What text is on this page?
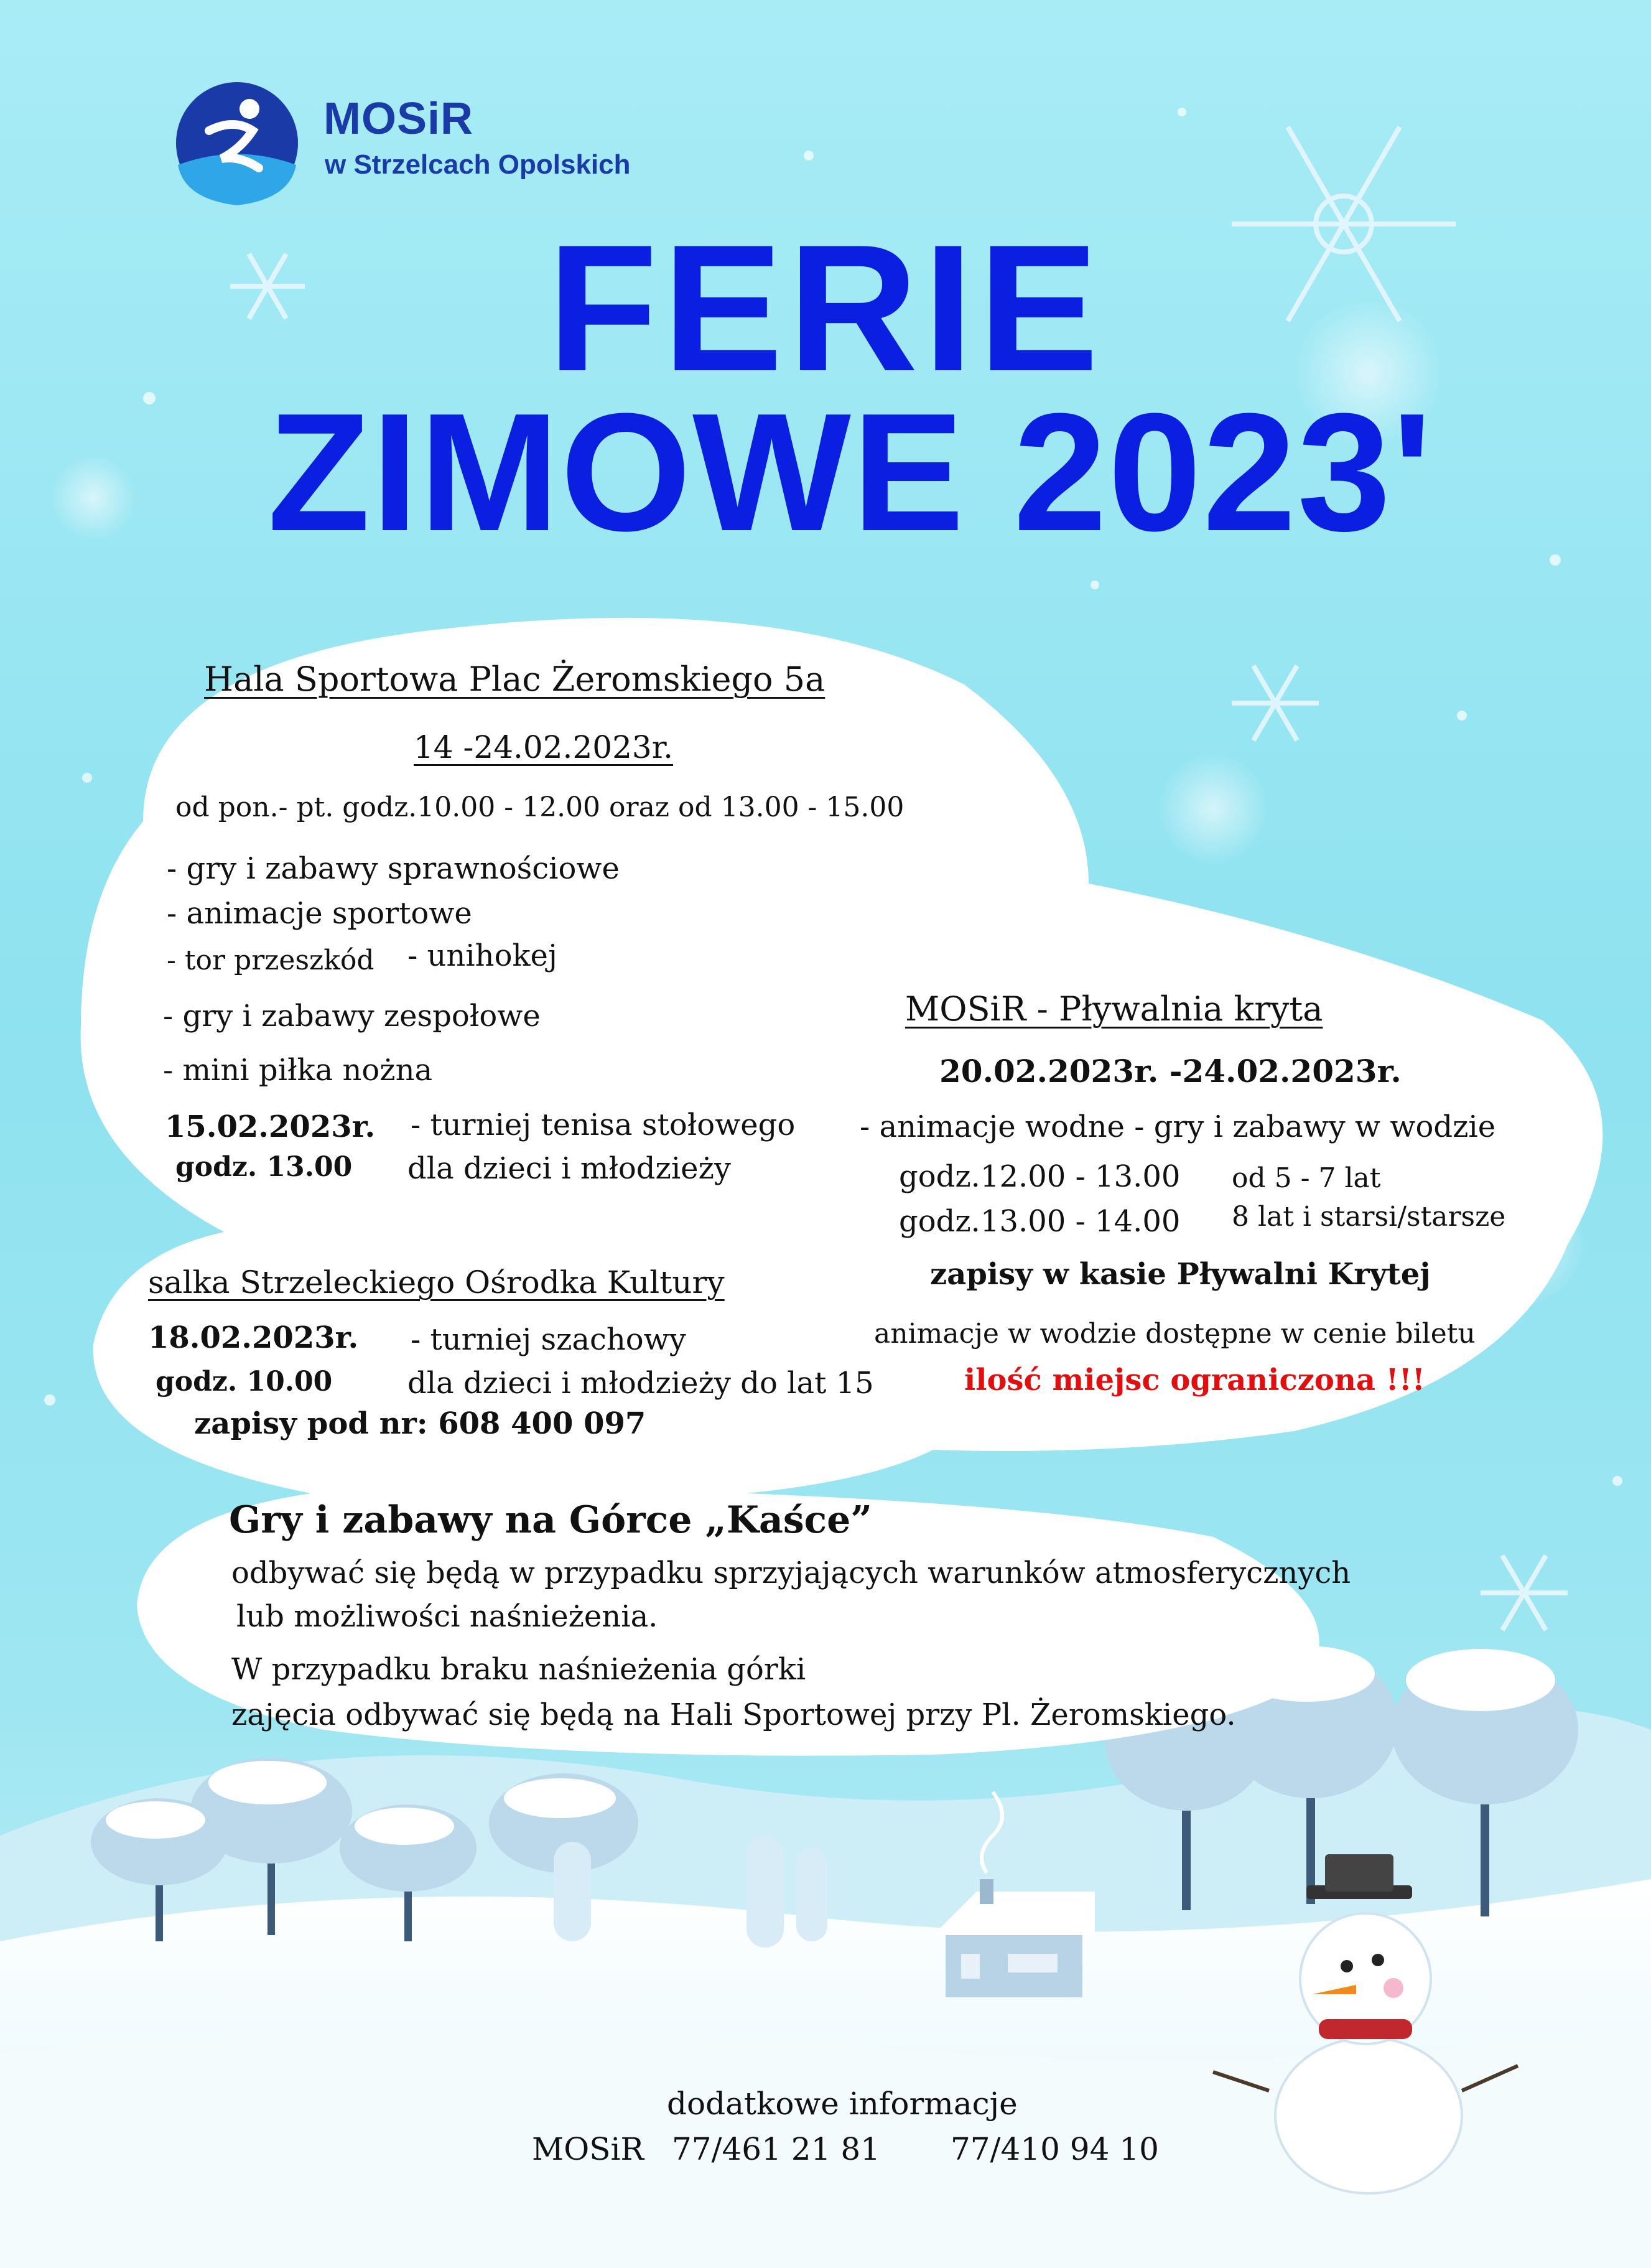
MOSiR
w Strzelcach Opolskich
FERIE
ZIMOWE 2023'
Hala Sportowa Plac Żeromskiego 5a
14 -24.02.2023r.
od pon.- pt. godz.10.00 - 12.00 oraz od 13.00 - 15.00
- gry i zabawy sprawnościowe
- animacje sportowe
- tor przeszkód - unihokej
- gry i zabawy zespołowe
- mini piłka nożna
15.02.2023r.
godz. 13.00
- turniej tenisa stołowego
dla dzieci i młodzieży
salka Strzeleckiego Ośrodka Kultury
18.02.2023r.
godz. 10.00
- turniej szachowy
dla dzieci i młodzieży do lat 15
zapisy pod nr: 608 400 097
MOSiR - Pływalnia kryta
20.02.2023r. -24.02.2023r.
- animacje wodne - gry i zabawy w wodzie
godz.12.00 - 13.00 od 5 - 7 lat
godz.13.00 - 14.00 8 lat i starsi/starsze
zapisy w kasie Pływalni Krytej
animacje w wodzie dostępne w cenie biletu
ilość miejsc ograniczona !!!
Gry i zabawy na Górce „Kaśce”
odbywać się będą w przypadku sprzyjających warunków atmosferycznych
lub możliwości naśnieżenia.
W przypadku braku naśnieżenia górki
zajęcia odbywać się będą na Hali Sportowej przy Pl. Żeromskiego.
dodatkowe informacje
MOSiR 77/461 21 81 77/410 94 10
